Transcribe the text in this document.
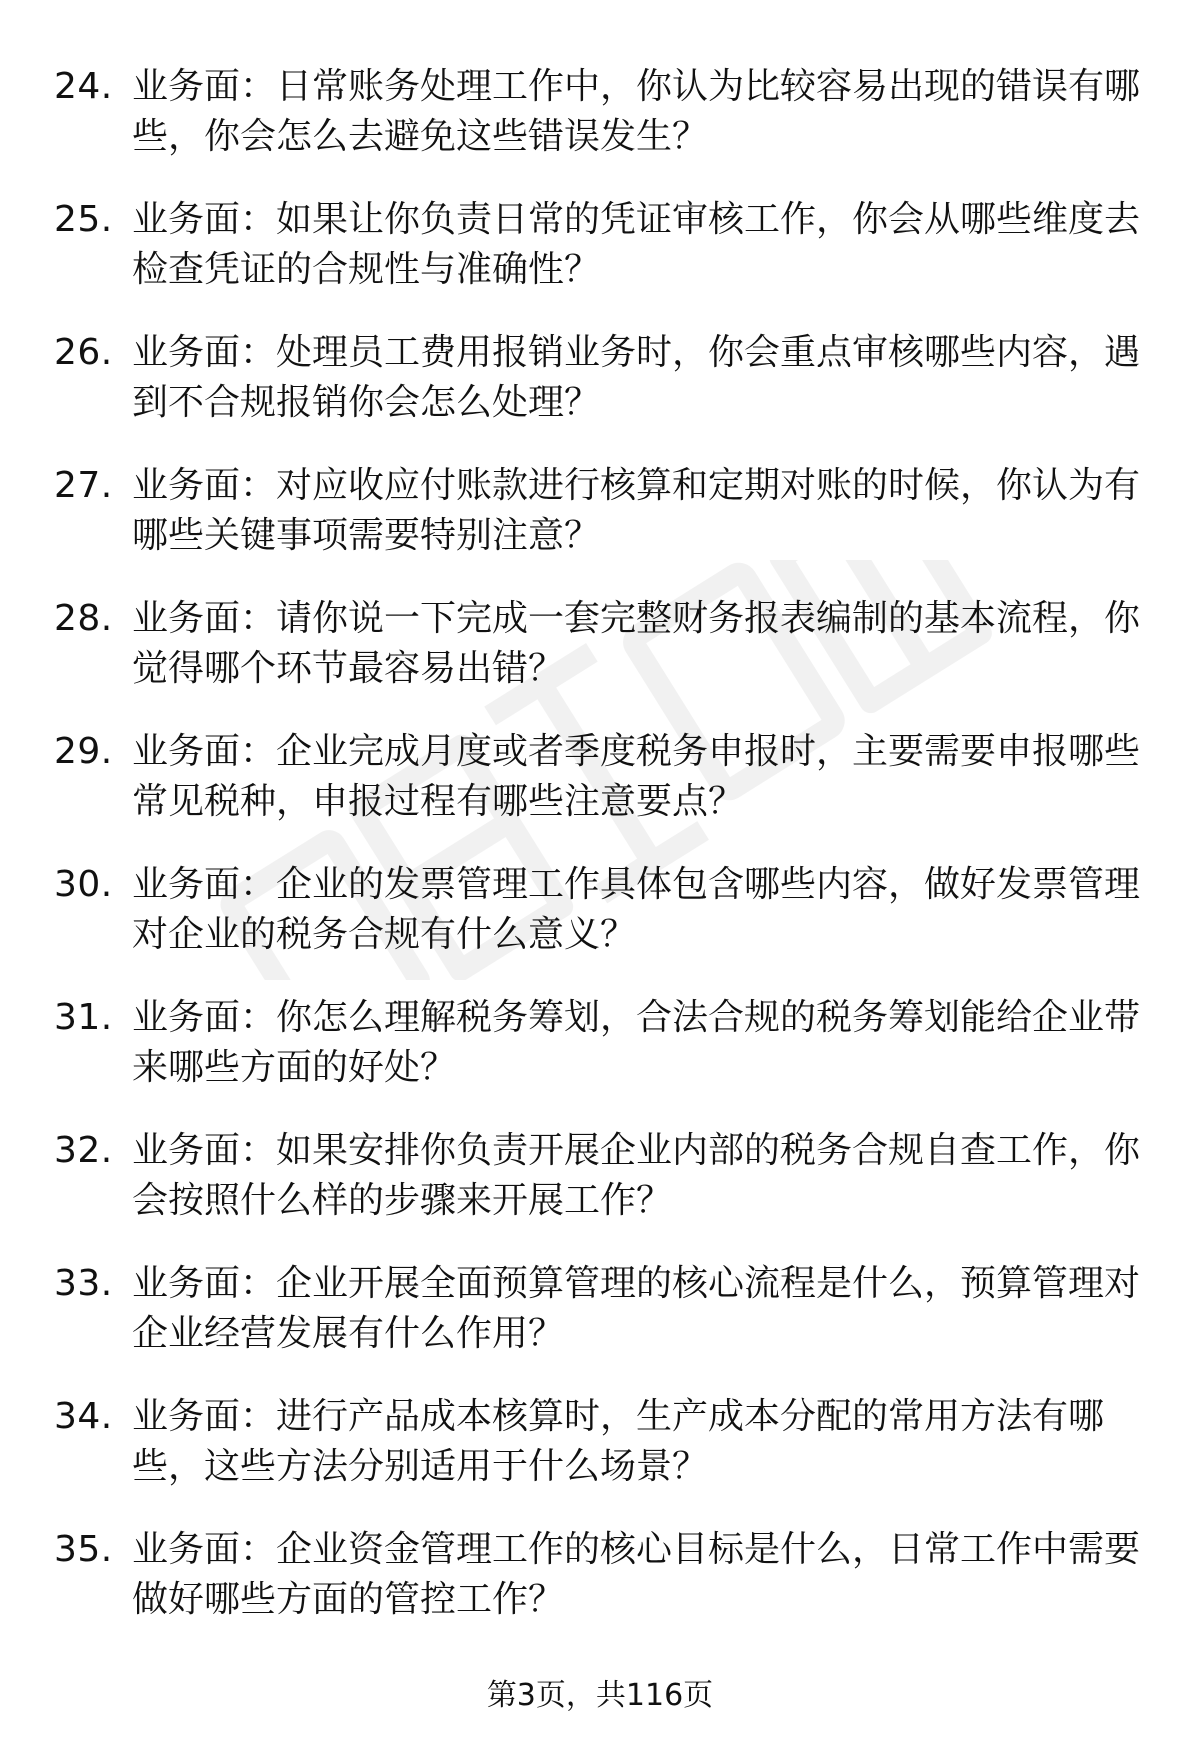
24. 业务面：日常账务处理工作中，你认为比较容易出现的错误有哪
些，你会怎么去避免这些错误发生？
25. 业务面：如果让你负责日常的凭证审核工作，你会从哪些维度去
检查凭证的合规性与准确性？
26. 业务面：处理员工费用报销业务时，你会重点审核哪些内容，遇
到不合规报销你会怎么处理？
27. 业务面：对应收应付账款进行核算和定期对账的时候，你认为有
哪些关键事项需要特别注意？
28. 业务面：请你说一下完成一套完整财务报表编制的基本流程，你
觉得哪个环节最容易出错？
29. 业务面：企业完成月度或者季度税务申报时，主要需要申报哪些
常见税种，申报过程有哪些注意要点？
30. 业务面：企业的发票管理工作具体包含哪些内容，做好发票管理
对企业的税务合规有什么意义？
31. 业务面：你怎么理解税务筹划，合法合规的税务筹划能给企业带
来哪些方面的好处？
32. 业务面：如果安排你负责开展企业内部的税务合规自查工作，你
会按照什么样的步骤来开展工作？
33. 业务面：企业开展全面预算管理的核心流程是什么，预算管理对
企业经营发展有什么作用？
34. 业务面：进行产品成本核算时，生产成本分配的常用方法有哪
些，这些方法分别适用于什么场景？
35. 业务面：企业资金管理工作的核心目标是什么，日常工作中需要
做好哪些方面的管控工作？
第3页，共116页
